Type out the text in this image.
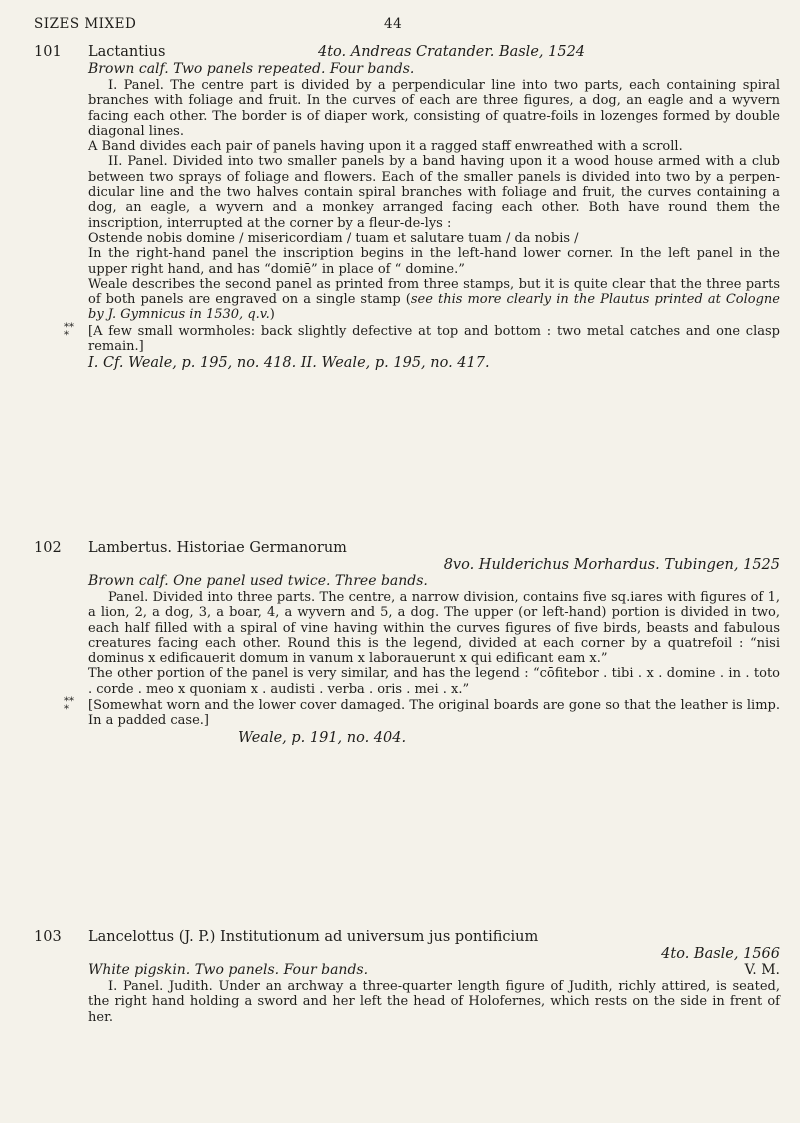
SIZES MIXED	44
101	Lactantius	4to. Andreas Cratander. Basle, 1524
Brown calf. Two panels repeated. Four bands.

I. Panel. The centre part is divided by a perpendicular line into two parts, each containing spiral branches with foliage and fruit. In the curves of each are three figures, a dog, an eagle and a wyvern facing each other. The border is of diaper work, consisting of quatre-foils in lozenges formed by double diagonal lines.

A Band divides each pair of panels having upon it a ragged staff enwreathed with a scroll.

II. Panel. Divided into two smaller panels by a band having upon it a wood house armed with a club between two sprays of foliage and flowers. Each of the smaller panels is divided into two by a perpen-dicular line and the two halves contain spiral branches with foliage and fruit, the curves containing a dog, an eagle, a wyvern and a monkey arranged facing each other. Both have round them the inscription, interrupted at the corner by a fleur-de-lys :

Ostende nobis domine / misericordiam / tuam et salutare tuam / da nobis /

In the right-hand panel the inscription begins in the left-hand lower corner. In the left panel in the upper right hand, and has “domiē” in place of “ domine.”

Weale describes the second panel as printed from three stamps, but it is quite clear that the three parts of both panels are engraved on a single stamp (see this more clearly in the Plautus printed at Cologne by J. Gymnicus in 1530, q.v.)

**
*	[A few small wormholes: back slightly defective at top and bottom : two metal catches and one clasp remain.]

I. Cf. Weale, p. 195, no. 418. II. Weale, p. 195, no. 417.
102	Lambertus. Historiae Germanorum
8vo. Hulderichus Morhardus. Tubingen, 1525
Brown calf. One panel used twice. Three bands.

Panel. Divided into three parts. The centre, a narrow division, contains five sq.iares with figures of 1, a lion, 2, a dog, 3, a boar, 4, a wyvern and 5, a dog. The upper (or left-hand) portion is divided in two, each half filled with a spiral of vine having within the curves figures of five birds, beasts and fabulous creatures facing each other. Round this is the legend, divided at each corner by a quatrefoil : “nisi dominus x edificauerit domum in vanum x laborauerunt x qui edificant eam x.”

The other portion of the panel is very similar, and has the legend : “cōfitebor . tibi . x . domine . in . toto . corde . meo x quoniam x . audisti . verba . oris . mei . x.”

**
*	[Somewhat worn and the lower cover damaged. The original boards are gone so that the leather is limp. In a padded case.]

Weale, p. 191, no. 404.
103	Lancelottus (J. P.) Institutionum ad universum jus pontificium
4to. Basle, 1566
White pigskin. Two panels. Four bands.	V. M.

I. Panel. Judith. Under an archway a three-quarter length figure of Judith, richly attired, is seated, the right hand holding a sword and her left the head of Holofernes, which rests on the side in frent of her.
